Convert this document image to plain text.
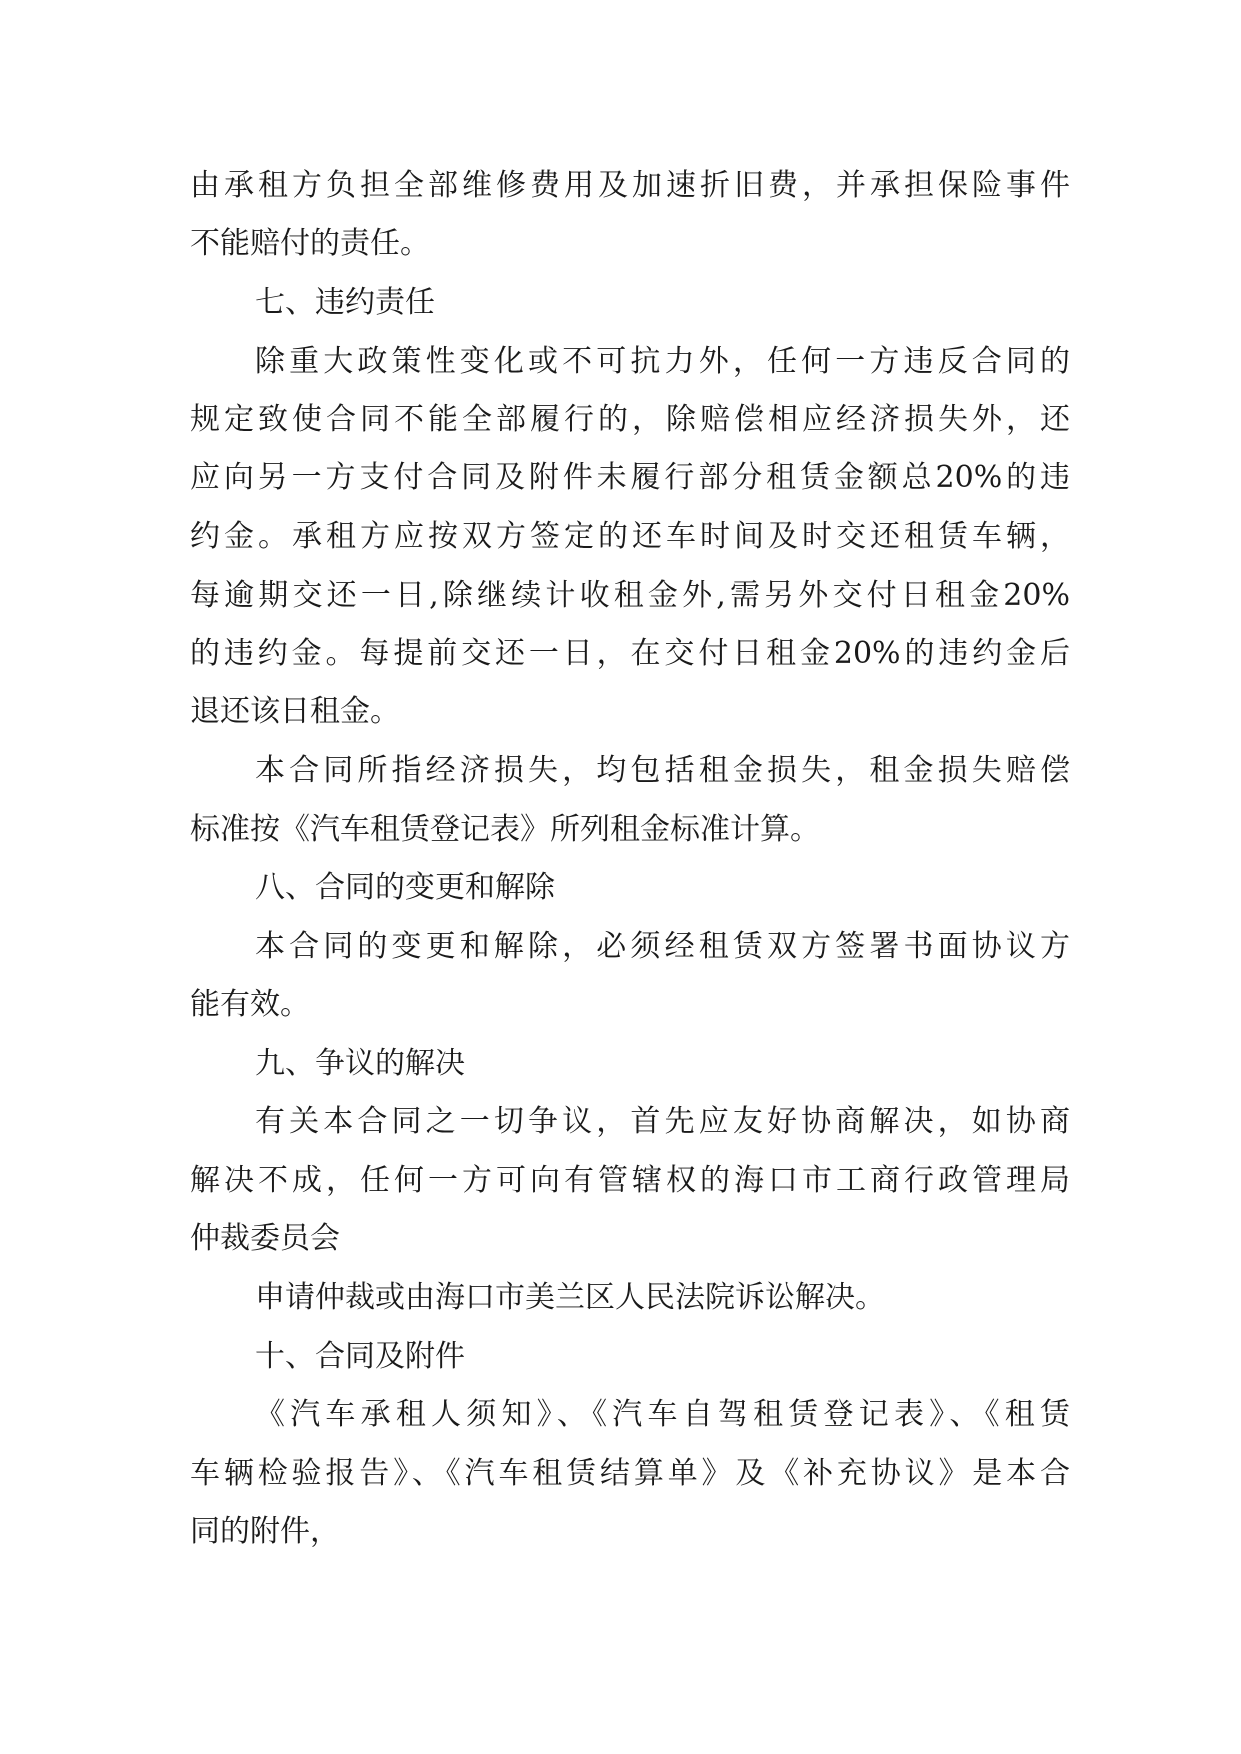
由承租方负担全部维修费用及加速折旧费，并承担保险事件
不能赔付的责任。
七、违约责任
除重大政策性变化或不可抗力外，任何一方违反合同的
规定致使合同不能全部履行的，除赔偿相应经济损失外，还
应向另一方支付合同及附件未履行部分租赁金额总20%的违
约金。承租方应按双方签定的还车时间及时交还租赁车辆，
每逾期交还一日,除继续计收租金外,需另外交付日租金20%
的违约金。每提前交还一日，在交付日租金20%的违约金后
退还该日租金。
本合同所指经济损失，均包括租金损失，租金损失赔偿
标准按《汽车租赁登记表》所列租金标准计算。
八、合同的变更和解除
本合同的变更和解除，必须经租赁双方签署书面协议方
能有效。
九、争议的解决
有关本合同之一切争议，首先应友好协商解决，如协商
解决不成，任何一方可向有管辖权的海口市工商行政管理局
仲裁委员会
申请仲裁或由海口市美兰区人民法院诉讼解决。
十、合同及附件
《汽车承租人须知》、《汽车自驾租赁登记表》、《租赁
车辆检验报告》、《汽车租赁结算单》及《补充协议》是本合
同的附件，
